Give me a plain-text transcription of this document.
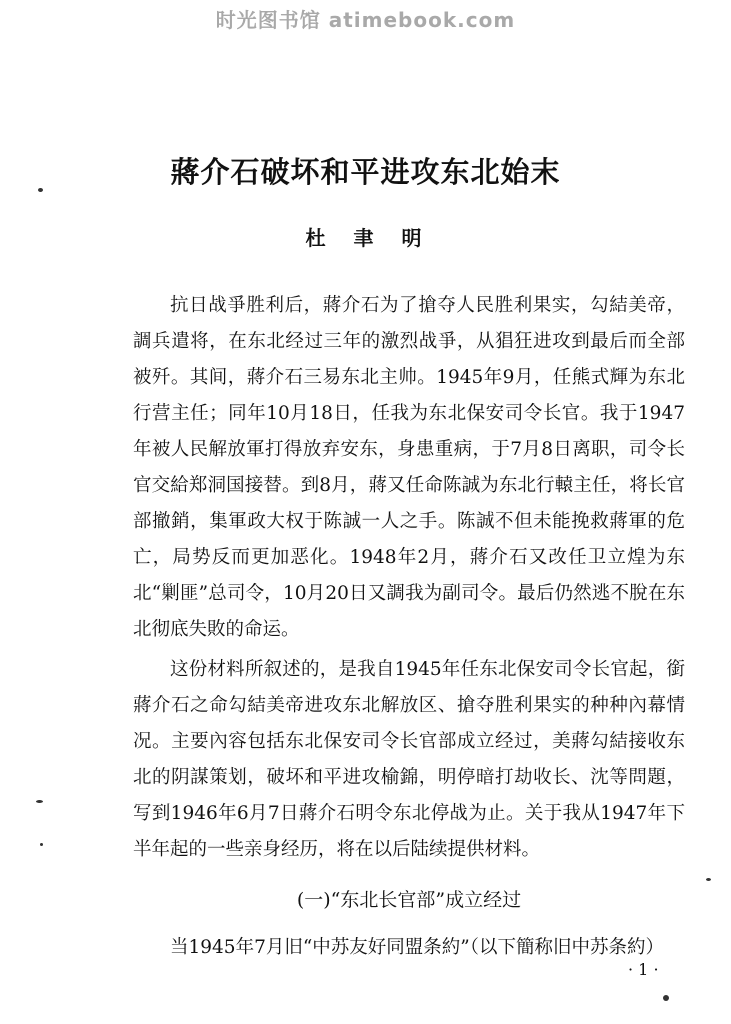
时光图书馆 atimebook.com
蔣介石破坏和平进攻东北始末
杜聿明

抗日战爭胜利后，蔣介石为了搶夺人民胜利果实，勾結美帝，調兵遣将，在东北经过三年的激烈战爭，从猖狂进攻到最后而全部被歼。其间，蔣介石三易东北主帅。1945年9月，任熊式輝为东北行营主任；同年10月18日，任我为东北保安司令长官。我于1947年被人民解放軍打得放弃安东，身患重病，于7月8日离职，司令长官交給郑洞国接替。到8月，蔣又任命陈誠为东北行轅主任，将长官部撤銷，集軍政大权于陈誠一人之手。陈誠不但未能挽救蔣軍的危亡，局势反而更加恶化。1948年2月，蔣介石又改任卫立煌为东北“剿匪”总司令，10月20日又調我为副司令。最后仍然逃不脫在东北彻底失敗的命运。

这份材料所叙述的，是我自1945年任东北保安司令长官起，銜蔣介石之命勾結美帝进攻东北解放区、搶夺胜利果实的种种內幕情况。主要內容包括东北保安司令长官部成立经过，美蔣勾結接收东北的阴謀策划，破坏和平进攻榆錦，明停暗打劫收长、沈等問題，写到1946年6月7日蔣介石明令东北停战为止。关于我从1947年下半年起的一些亲身经历，将在以后陆续提供材料。

(一)“东北长官部”成立经过

当1945年7月旧“中苏友好同盟条約”（以下簡称旧中苏条約）

· 1 ·
